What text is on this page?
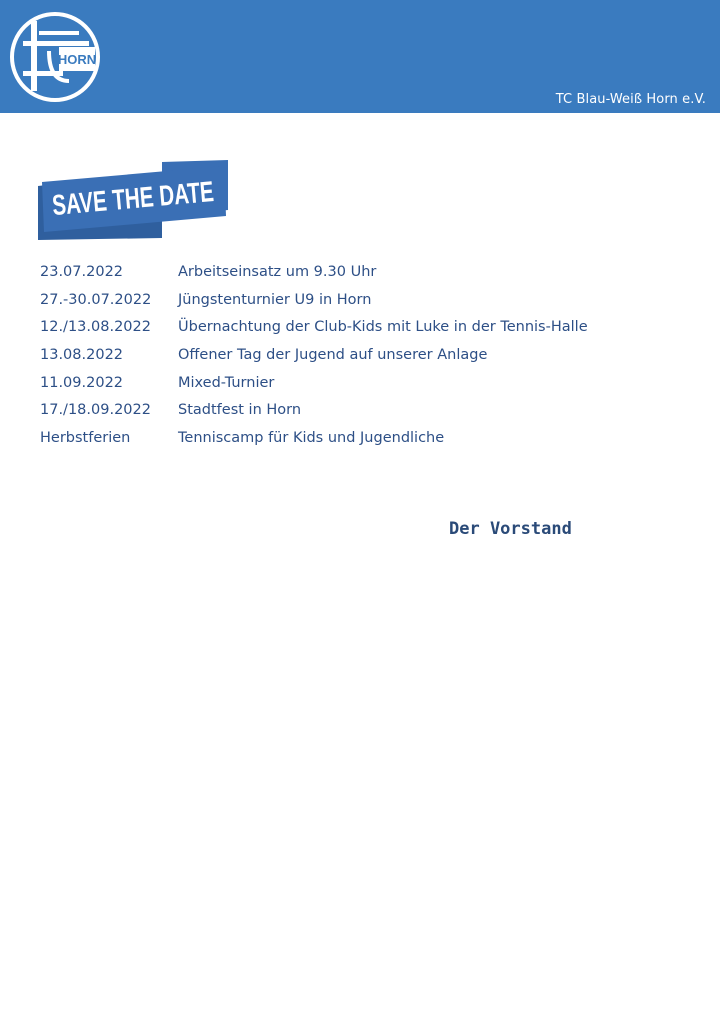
HORN
TC Blau-Weiß Horn e.V.
SAVE THE DATE
23.07.2022	Arbeitseinsatz um 9.30 Uhr
27.-30.07.2022	Jüngstenturnier U9 in Horn
12./13.08.2022	Übernachtung der Club-Kids mit Luke in der Tennis-Halle
13.08.2022	Offener Tag der Jugend auf unserer Anlage
11.09.2022	Mixed-Turnier
17./18.09.2022	Stadtfest in Horn
Herbstferien	Tenniscamp für Kids und Jugendliche
Der Vorstand
